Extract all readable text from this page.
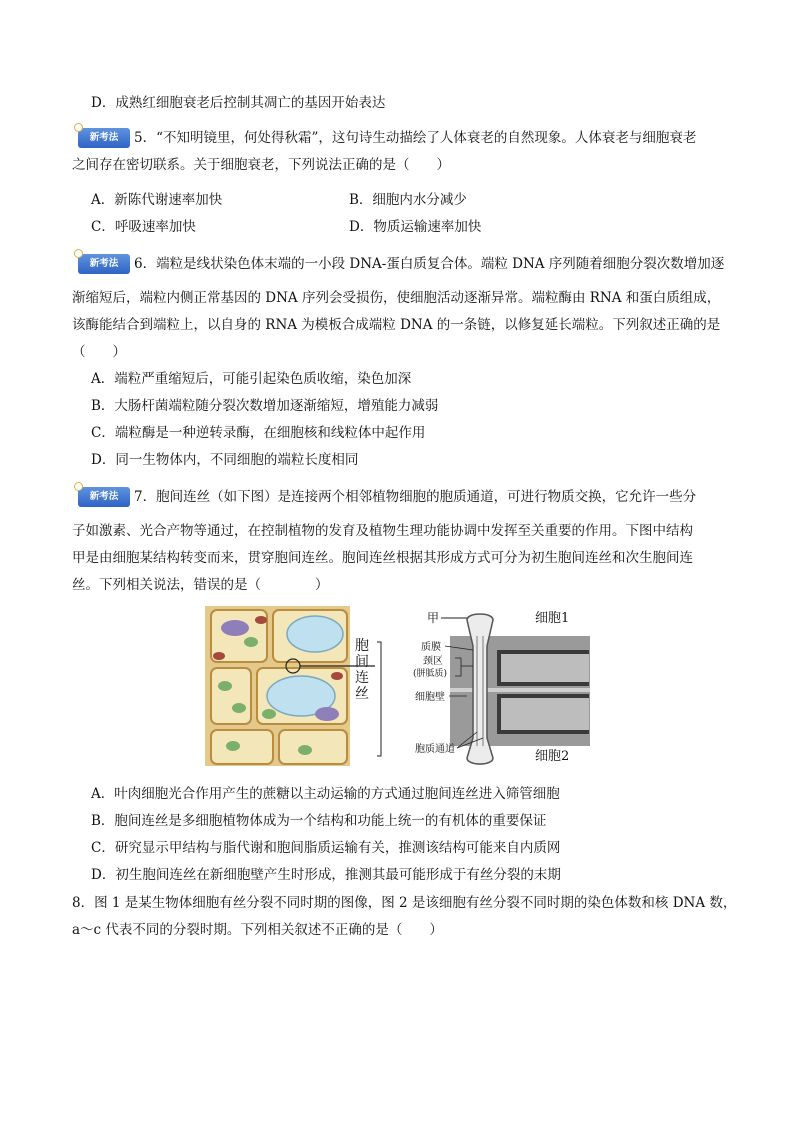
D．成熟红细胞衰老后控制其凋亡的基因开始表达
新考法	5．“不知明镜里，何处得秋霜”，这句诗生动描绘了人体衰老的自然现象。人体衰老与细胞衰老
之间存在密切联系。关于细胞衰老，下列说法正确的是（　　）
A．新陈代谢速率加快	B．细胞内水分减少
C．呼吸速率加快	D．物质运输速率加快
新考法	6．端粒是线状染色体末端的一小段 DNA-蛋白质复合体。端粒 DNA 序列随着细胞分裂次数增加逐
渐缩短后，端粒内侧正常基因的 DNA 序列会受损伤，使细胞活动逐渐异常。端粒酶由 RNA 和蛋白质组成，
该酶能结合到端粒上，以自身的 RNA 为模板合成端粒 DNA 的一条链，以修复延长端粒。下列叙述正确的是
（　　）
A．端粒严重缩短后，可能引起染色质收缩，染色加深
B．大肠杆菌端粒随分裂次数增加逐渐缩短，增殖能力减弱
C．端粒酶是一种逆转录酶，在细胞核和线粒体中起作用
D．同一生物体内，不同细胞的端粒长度相同
新考法	7．胞间连丝（如下图）是连接两个相邻植物细胞的胞质通道，可进行物质交换，它允许一些分
子如激素、光合产物等通过，在控制植物的发育及植物生理功能协调中发挥至关重要的作用。下图中结构
甲是由细胞某结构转变而来，贯穿胞间连丝。胞间连丝根据其形成方式可分为初生胞间连丝和次生胞间连
丝。下列相关说法，错误的是（　　　　）
胞
间
连
丝
甲	细胞1
质膜
颈区
(胼胝质)
细胞壁
胞质通道	细胞2
A．叶肉细胞光合作用产生的蔗糖以主动运输的方式通过胞间连丝进入筛管细胞
B．胞间连丝是多细胞植物体成为一个结构和功能上统一的有机体的重要保证
C．研究显示甲结构与脂代谢和胞间脂质运输有关，推测该结构可能来自内质网
D．初生胞间连丝在新细胞壁产生时形成，推测其最可能形成于有丝分裂的末期
8．图 1 是某生物体细胞有丝分裂不同时期的图像，图 2 是该细胞有丝分裂不同时期的染色体数和核 DNA 数，
a～c 代表不同的分裂时期。下列相关叙述不正确的是（　　）
